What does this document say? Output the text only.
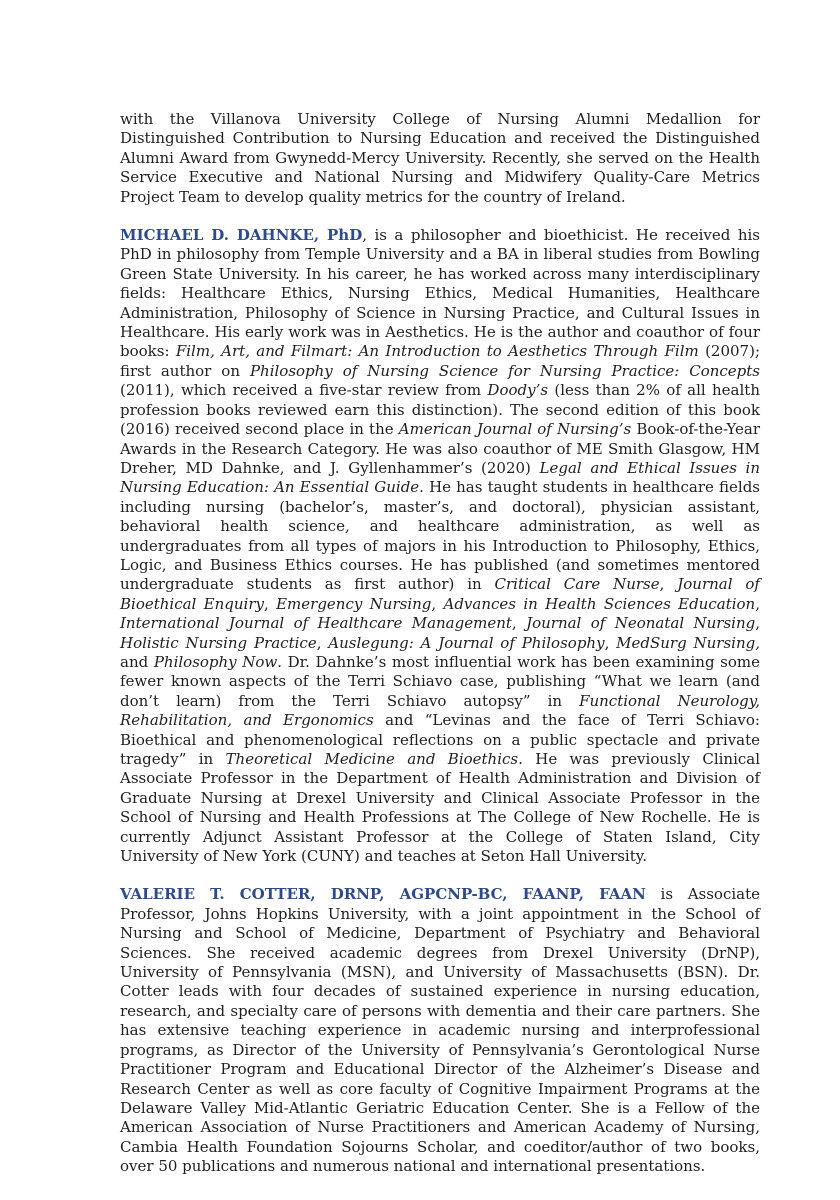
with the Villanova University College of Nursing Alumni Medallion for Distinguished Contribution to Nursing Education and received the Distinguished Alumni Award from Gwynedd-Mercy University. Recently, she served on the Health Service Executive and National Nursing and Midwifery Quality-Care Metrics Project Team to develop quality metrics for the country of Ireland.

MICHAEL D. DAHNKE, PhD, is a philosopher and bioethicist. He received his PhD in philosophy from Temple University and a BA in liberal studies from Bowling Green State University. In his career, he has worked across many interdisciplinary fields: Healthcare Ethics, Nursing Ethics, Medical Humanities, Healthcare Administration, Philosophy of Science in Nursing Practice, and Cultural Issues in Healthcare. His early work was in Aesthetics. He is the author and coauthor of four books: Film, Art, and Filmart: An Introduction to Aesthetics Through Film (2007); first author on Philosophy of Nursing Science for Nursing Practice: Concepts (2011), which received a five-star review from Doody’s (less than 2% of all health profession books reviewed earn this distinction). The second edition of this book (2016) received second place in the American Journal of Nursing’s Book-of-the-Year Awards in the Research Category. He was also coauthor of ME Smith Glasgow, HM Dreher, MD Dahnke, and J. Gyllenhammer’s (2020) Legal and Ethical Issues in Nursing Education: An Essential Guide. He has taught students in healthcare fields including nursing (bachelor’s, master’s, and doctoral), physician assistant, behavioral health science, and healthcare administration, as well as undergraduates from all types of majors in his Introduction to Philosophy, Ethics, Logic, and Business Ethics courses. He has published (and sometimes mentored undergraduate students as first author) in Critical Care Nurse, Journal of Bioethical Enquiry, Emergency Nursing, Advances in Health Sciences Education, International Journal of Healthcare Management, Journal of Neonatal Nursing, Holistic Nursing Practice, Auslegung: A Journal of Philosophy, MedSurg Nursing, and Philosophy Now. Dr. Dahnke’s most influential work has been examining some fewer known aspects of the Terri Schiavo case, publishing “What we learn (and don’t learn) from the Terri Schiavo autopsy” in Functional Neurology, Rehabilitation, and Ergonomics and “Levinas and the face of Terri Schiavo: Bioethical and phenomenological reflections on a public spectacle and private tragedy” in Theoretical Medicine and Bioethics. He was previously Clinical Associate Professor in the Department of Health Administration and Division of Graduate Nursing at Drexel University and Clinical Associate Professor in the School of Nursing and Health Professions at The College of New Rochelle. He is currently Adjunct Assistant Professor at the College of Staten Island, City University of New York (CUNY) and teaches at Seton Hall University.

VALERIE T. COTTER, DRNP, AGPCNP-BC, FAANP, FAAN is Associate Professor, Johns Hopkins University, with a joint appointment in the School of Nursing and School of Medicine, Department of Psychiatry and Behavioral Sciences. She received academic degrees from Drexel University (DrNP), University of Pennsylvania (MSN), and University of Massachusetts (BSN). Dr. Cotter leads with four decades of sustained experience in nursing education, research, and specialty care of persons with dementia and their care partners. She has extensive teaching experience in academic nursing and interprofessional programs, as Director of the University of Pennsylvania’s Gerontological Nurse Practitioner Program and Educational Director of the Alzheimer’s Disease and Research Center as well as core faculty of Cognitive Impairment Programs at the Delaware Valley Mid-Atlantic Geriatric Education Center. She is a Fellow of the American Association of Nurse Practitioners and American Academy of Nursing, Cambia Health Foundation Sojourns Scholar, and coeditor/author of two books, over 50 publications and numerous national and international presentations.
